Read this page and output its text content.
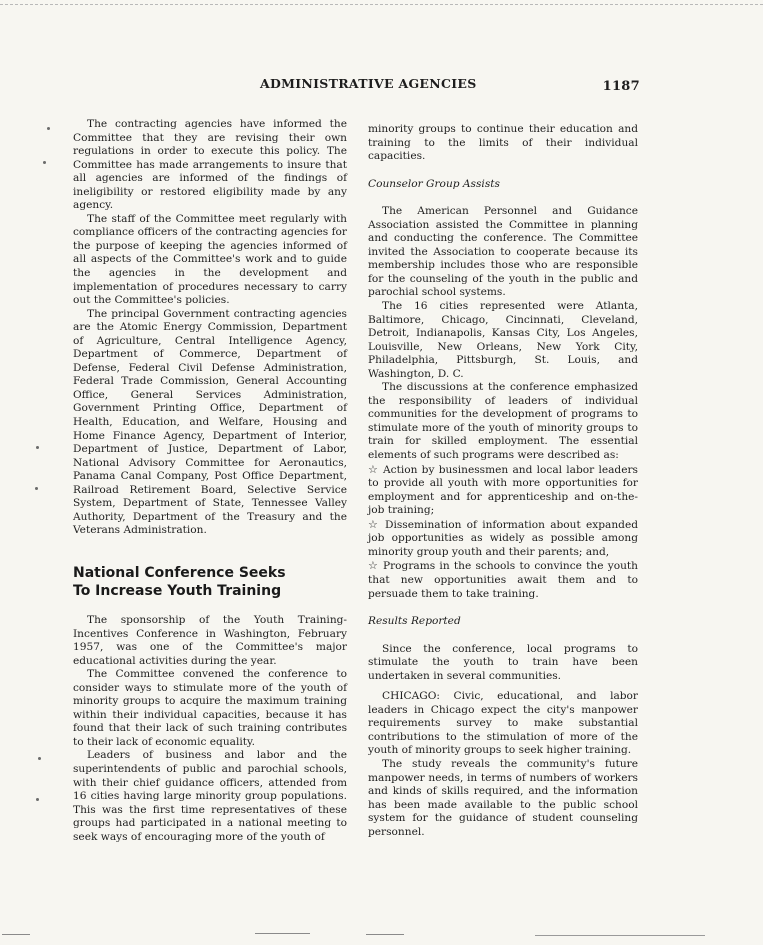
ADMINISTRATIVE AGENCIES	1187

The contracting agencies have informed the Committee that they are revising their own regulations in order to execute this policy. The Committee has made arrangements to insure that all agencies are informed of the findings of ineligibility or restored eligibility made by any agency.

The staff of the Committee meet regularly with compliance officers of the contracting agencies for the purpose of keeping the agencies informed of all aspects of the Committee's work and to guide the agencies in the development and implementation of procedures necessary to carry out the Committee's policies.

The principal Government contracting agencies are the Atomic Energy Commission, Department of Agriculture, Central Intelligence Agency, Department of Commerce, Department of Defense, Federal Civil Defense Administration, Federal Trade Commission, General Accounting Office, General Services Administration, Government Printing Office, Department of Health, Education, and Welfare, Housing and Home Finance Agency, Department of Interior, Department of Justice, Department of Labor, National Advisory Committee for Aeronautics, Panama Canal Company, Post Office Department, Railroad Retirement Board, Selective Service System, Department of State, Tennessee Valley Authority, Department of the Treasury and the Veterans Administration.

National Conference Seeks
To Increase Youth Training

The sponsorship of the Youth Training-Incentives Conference in Washington, February 1957, was one of the Committee's major educational activities during the year.

The Committee convened the conference to consider ways to stimulate more of the youth of minority groups to acquire the maximum training within their individual capacities, because it has found that their lack of such training contributes to their lack of economic equality.

Leaders of business and labor and the superintendents of public and parochial schools, with their chief guidance officers, attended from 16 cities having large minority group populations. This was the first time representatives of these groups had participated in a national meeting to seek ways of encouraging more of the youth of

minority groups to continue their education and training to the limits of their individual capacities.

Counselor Group Assists

The American Personnel and Guidance Association assisted the Committee in planning and conducting the conference. The Committee invited the Association to cooperate because its membership includes those who are responsible for the counseling of the youth in the public and parochial school systems.

The 16 cities represented were Atlanta, Baltimore, Chicago, Cincinnati, Cleveland, Detroit, Indianapolis, Kansas City, Los Angeles, Louisville, New Orleans, New York City, Philadelphia, Pittsburgh, St. Louis, and Washington, D. C.

The discussions at the conference emphasized the responsibility of leaders of individual communities for the development of programs to stimulate more of the youth of minority groups to train for skilled employment. The essential elements of such programs were described as:

☆ Action by businessmen and local labor leaders to provide all youth with more opportunities for employment and for apprenticeship and on-the-job training;

☆ Dissemination of information about expanded job opportunities as widely as possible among minority group youth and their parents; and,

☆ Programs in the schools to convince the youth that new opportunities await them and to persuade them to take training.

Results Reported

Since the conference, local programs to stimulate the youth to train have been undertaken in several communities.

CHICAGO: Civic, educational, and labor leaders in Chicago expect the city's manpower requirements survey to make substantial contributions to the stimulation of more of the youth of minority groups to seek higher training.

The study reveals the community's future manpower needs, in terms of numbers of workers and kinds of skills required, and the information has been made available to the public school system for the guidance of student counseling personnel.
